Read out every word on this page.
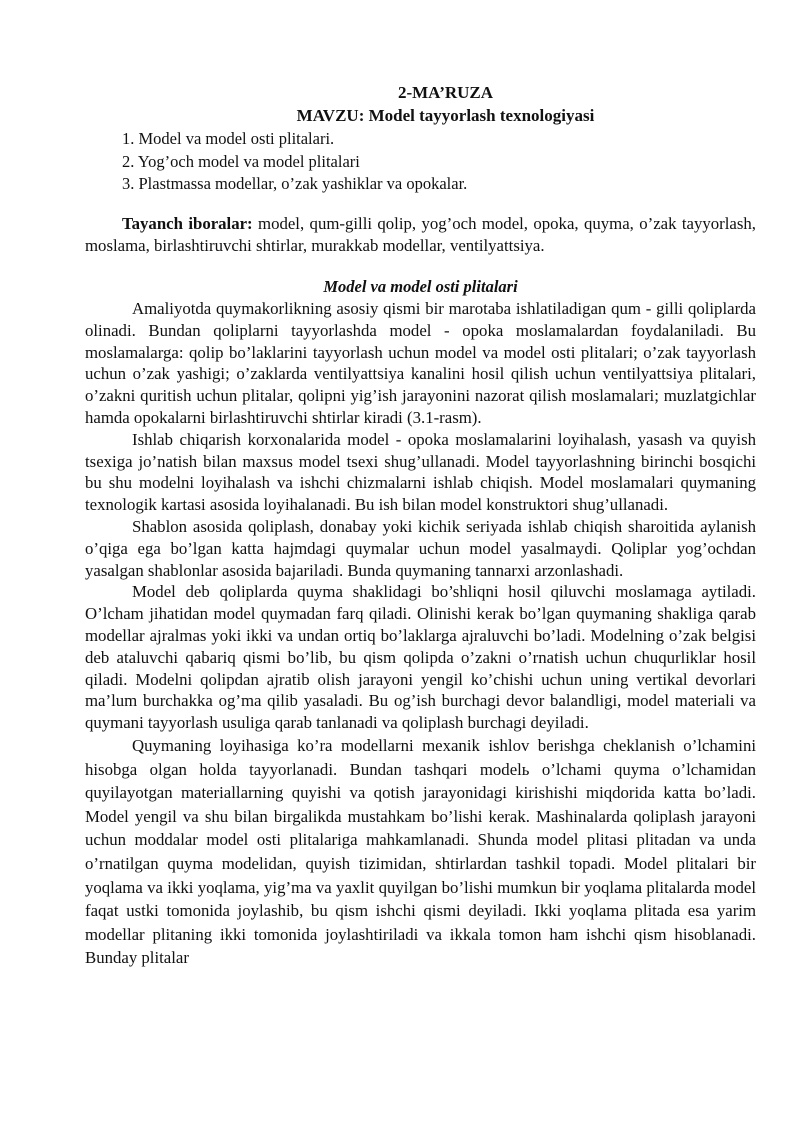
2-MA’RUZA
MAVZU: Model tayyorlash texnologiyasi
1. Model va model osti plitalari.
2. Yog’och model va model plitalari
3. Plastmassa modellar, o’zak yashiklar va opokalar.
Tayanch iboralar: model, qum-gilli qolip, yog’och model, opoka, quyma, o’zak tayyorlash, moslama, birlashtiruvchi shtirlar, murakkab modellar, ventilyattsiya.
Model va model osti plitalari

Amaliyotda quymakorlikning asosiy qismi bir marotaba ishlatiladigan qum - gilli qoliplarda olinadi. Bundan qoliplarni tayyorlashda model - opoka moslamalardan foydalaniladi. Bu moslamalarga: qolip bo’laklarini tayyorlash uchun model va model osti plitalari; o’zak tayyorlash uchun o’zak yashigi; o’zaklarda ventilyattsiya kanalini hosil qilish uchun ventilyattsiya plitalari, o’zakni quritish uchun plitalar, qolipni yig’ish jarayonini nazorat qilish moslamalari; muzlatgichlar hamda opokalarni birlashtiruvchi shtirlar kiradi (3.1-rasm).

Ishlab chiqarish korxonalarida model - opoka moslamalarini loyihalash, yasash va quyish tsexiga jo’natish bilan maxsus model tsexi shug’ullanadi. Model tayyorlashning birinchi bosqichi bu shu modelni loyihalash va ishchi chizmalarni ishlab chiqish. Model moslamalari quymaning texnologik kartasi asosida loyihalanadi. Bu ish bilan model konstruktori shug’ullanadi.

Shablon asosida qoliplash, donabay yoki kichik seriyada ishlab chiqish sharoitida aylanish o’qiga ega bo’lgan katta hajmdagi quymalar uchun model yasalmaydi. Qoliplar yog’ochdan yasalgan shablonlar asosida bajariladi. Bunda quymaning tannarxi arzonlashadi.

Model deb qoliplarda quyma shaklidagi bo’shliqni hosil qiluvchi moslamaga aytiladi. O’lcham jihatidan model quymadan farq qiladi. Olinishi kerak bo’lgan quymaning shakliga qarab modellar ajralmas yoki ikki va undan ortiq bo’laklarga ajraluvchi bo’ladi. Modelning o’zak belgisi deb ataluvchi qabariq qismi bo’lib, bu qism qolipda o’zakni o’rnatish uchun chuqurliklar hosil qiladi. Modelni qolipdan ajratib olish jarayoni yengil ko’chishi uchun uning vertikal devorlari ma’lum burchakka og’ma qilib yasaladi. Bu og’ish burchagi devor balandligi, model materiali va quymani tayyorlash usuliga qarab tanlanadi va qoliplash burchagi deyiladi.

Quymaning loyihasiga ko’ra modellarni mexanik ishlov berishga cheklanish o’lchamini hisobga olgan holda tayyorlanadi. Bundan tashqari modelь o’lchami quyma o’lchamidan quyilayotgan materiallarning quyishi va qotish jarayonidagi kirishishi miqdorida katta bo’ladi. Model yengil va shu bilan birgalikda mustahkam bo’lishi kerak. Mashinalarda qoliplash jarayoni uchun moddalar model osti plitalariga mahkamlanadi. Shunda model plitasi plitadan va unda o’rnatilgan quyma modelidan, quyish tizimidan, shtirlardan tashkil topadi. Model plitalari bir yoqlama va ikki yoqlama, yig’ma va yaxlit quyilgan bo’lishi mumkun bir yoqlama plitalarda model faqat ustki tomonida joylashib, bu qism ishchi qismi deyiladi. Ikki yoqlama plitada esa yarim modellar plitaning ikki tomonida joylashtiriladi va ikkala tomon ham ishchi qism hisoblanadi. Bunday plitalar
